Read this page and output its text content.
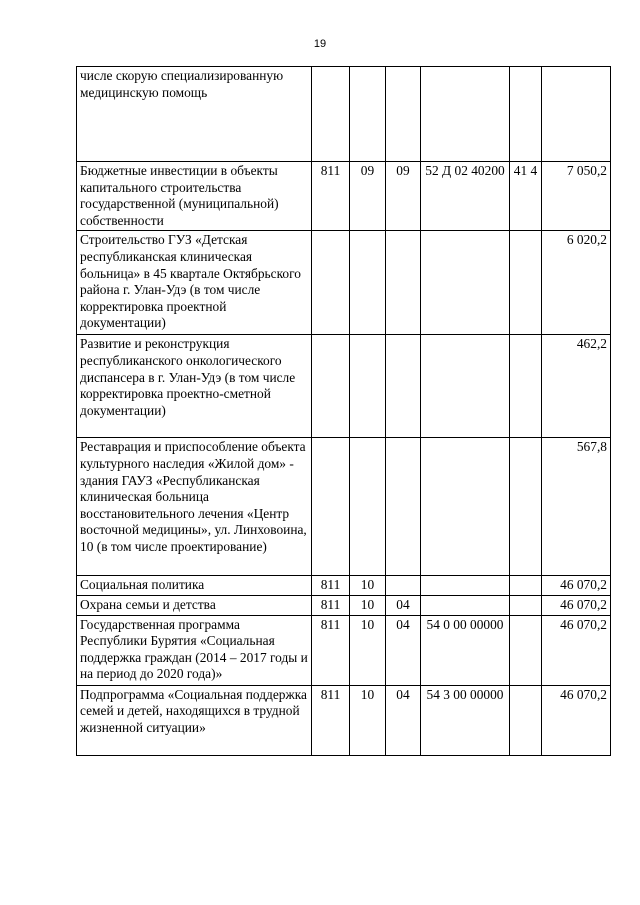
19
числе скорую специализированную медицинскую помощь						
Бюджетные инвестиции в объекты капитального строительства государственной (муниципальной) собственности	811	09	09	52 Д 02 40200	41 4	7 050,2
Строительство ГУЗ «Детская республиканская клиническая больница» в 45 квартале Октябрьского района г. Улан-Удэ (в том числе корректировка проектной документации)						6 020,2
Развитие и реконструкция республиканского онкологического диспансера в г. Улан-Удэ (в том числе корректировка проектно-сметной документации)						462,2
Реставрация и приспособление объекта культурного наследия «Жилой дом» - здания ГАУЗ «Республиканская клиническая больница восстановительного лечения «Центр восточной медицины», ул. Линховоина, 10 (в том числе проектирование)						567,8
Социальная политика	811	10				46 070,2
Охрана семьи и детства	811	10	04			46 070,2
Государственная программа Республики Бурятия «Социальная поддержка граждан (2014 – 2017 годы и на период до 2020 года)»	811	10	04	54 0 00 00000		46 070,2
Подпрограмма «Социальная поддержка семей и детей, находящихся в трудной жизненной ситуации»	811	10	04	54 3 00 00000		46 070,2
